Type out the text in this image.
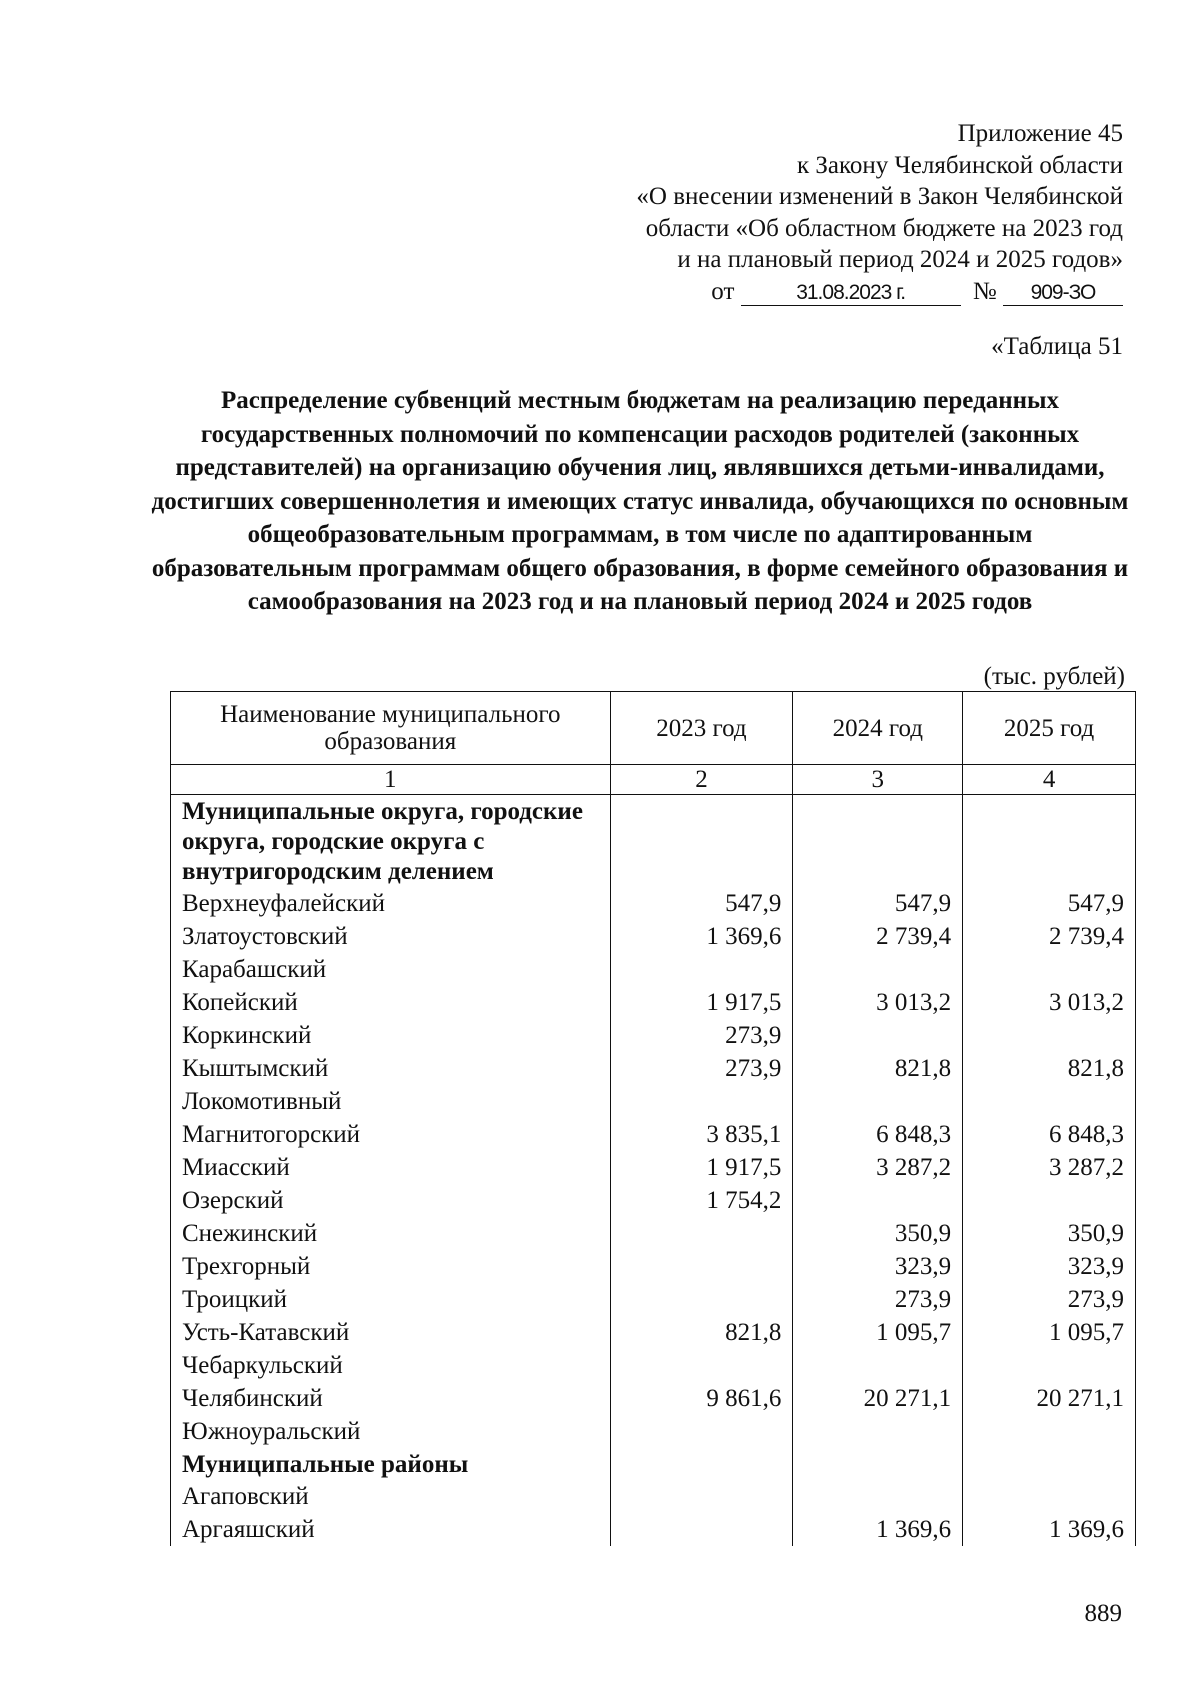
Приложение 45
к Закону Челябинской области
«О внесении изменений в Закон Челябинской
области «Об областном бюджете на 2023 год
и на плановый период 2024 и 2025 годов»
от	31.08.2023 г.	№ 909-ЗО
«Таблица 51
Распределение субвенций местным бюджетам на реализацию переданных государственных полномочий по компенсации расходов родителей (законных представителей) на организацию обучения лиц, являвшихся детьми-инвалидами, достигших совершеннолетия и имеющих статус инвалида, обучающихся по основным общеобразовательным программам, в том числе по адаптированным образовательным программам общего образования, в форме семейного образования и самообразования на 2023 год и на плановый период 2024 и 2025 годов
(тыс. рублей)
Наименование муниципального образования	2023 год	2024 год	2025 год
1	2	3	4
Муниципальные округа, городские округа, городские округа с внутригородским делением			
Верхнеуфалейский	547,9	547,9	547,9
Златоустовский	1 369,6	2 739,4	2 739,4
Карабашский			
Копейский	1 917,5	3 013,2	3 013,2
Коркинский	273,9		
Кыштымский	273,9	821,8	821,8
Локомотивный			
Магнитогорский	3 835,1	6 848,3	6 848,3
Миасский	1 917,5	3 287,2	3 287,2
Озерский	1 754,2		
Снежинский		350,9	350,9
Трехгорный		323,9	323,9
Троицкий		273,9	273,9
Усть-Катавский	821,8	1 095,7	1 095,7
Чебаркульский			
Челябинский	9 861,6	20 271,1	20 271,1
Южноуральский			
Муниципальные районы			
Агаповский			
Аргаяшский		1 369,6	1 369,6
889
